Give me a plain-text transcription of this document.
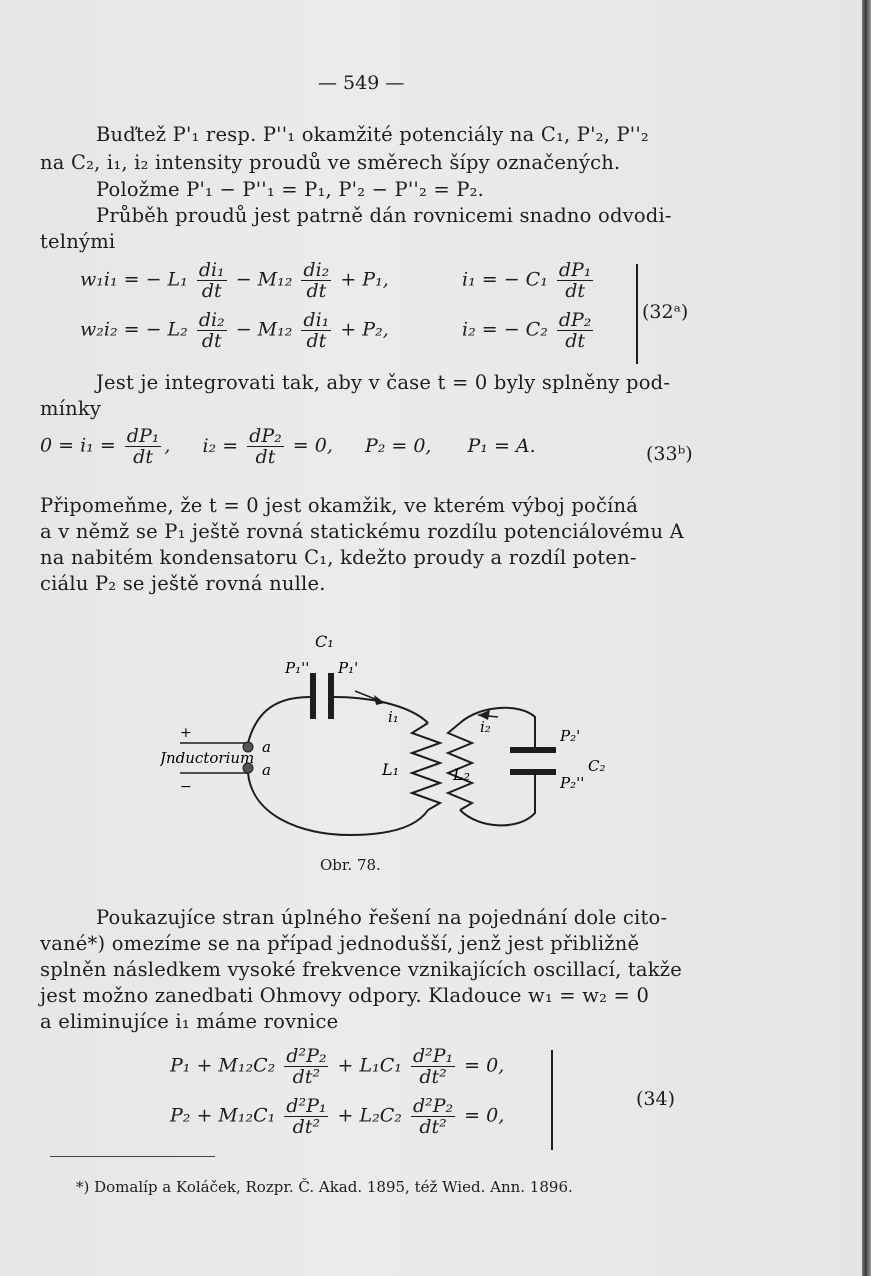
— 549 —
Buďtež P'₁ resp. P''₁ okamžité potenciály na C₁, P'₂, P''₂
na C₂, i₁, i₂ intensity proudů ve směrech šípy označených.
Položme P'₁ − P''₁ = P₁, P'₂ − P''₂ = P₂.
Průběh proudů jest patrně dán rovnicemi snadno odvodi-
telnými
w₁i₁ = − $L_1 \frac{\text{di₁}}{dt} - M_{12} \frac{\text{di₂}}{dt} + P_1$,	i₁ = − $C_1 \frac{\text{dP₁}}{dt}$
w₂i₂ = − $L_2 \frac{\text{di₂}}{dt} - M_{12} \frac{\text{di₁}}{dt} + P_2$,	i₂ = − $C_2 \frac{\text{dP₂}}{dt}$	(32ᵃ)
Jest je integrovati tak, aby v čase t = 0 byly splněny pod-
mínky
$0 = i_1 = \frac{\text{dP₁}}{dt}$ , $i_2 = \frac{\text{dP₂}}{dt} = 0$, P₂ = 0, P₁ = A.	(33ᵇ)
Připomeňme, že t = 0 jest okamžik, ve kterém výboj počíná
a v němž se P₁ ještě rovná statickému rozdílu potenciálovému A
na nabitém kondensatoru C₁, kdežto proudy a rozdíl poten-
ciálu P₂ se ještě rovná nulle.
C₁
P₁'' P₁'
i₁
i₂
+
−
Jnductorium
a
a	L₁	L₂
P₂'
P₂''
C₂
Obr. 78.
Poukazujíce stran úplného řešení na pojednání dole cito-
vané*) omezíme se na případ jednodušší, jenž jest přibližně
splněn následkem vysoké frekvence vznikajících oscillací, takže
jest možno zanedbati Ohmovy odpory. Kladouce w₁ = w₂ = 0
a eliminujíce i₁ máme rovnice
$P_1 + M_{12}C_2 \frac{\text{d²P₂}}{\text{dt²}} + L_1C_1 \frac{\text{d²P₁}}{\text{dt²}} = 0$,
$P_2 + M_{12}C_1 \frac{\text{d²P₁}}{\text{dt²}} + L_2C_2 \frac{\text{d²P₂}}{\text{dt²}} = 0$,
(34)
*) Domalíp a Koláček, Rozpr. Č. Akad. 1895, též Wied. Ann. 1896.
